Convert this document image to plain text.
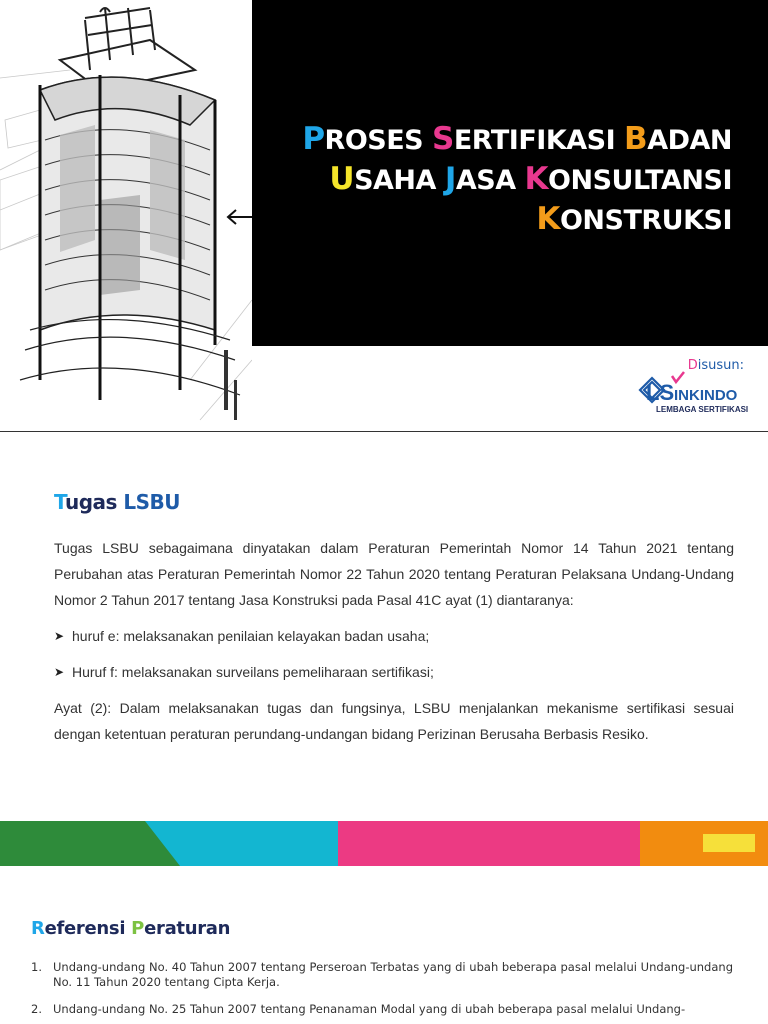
PROSES SERTIFIKASI BADAN
USAHA JASA KONSULTANSI
KONSTRUKSI
Disusun:
LS INKINDO
LEMBAGA SERTIFIKASI
Tugas LSBU

Tugas LSBU sebagaimana dinyatakan dalam Peraturan Pemerintah Nomor 14 Tahun 2021 tentang Perubahan atas Peraturan Pemerintah Nomor 22 Tahun 2020 tentang Peraturan Pelaksana Undang-Undang Nomor 2 Tahun 2017 tentang Jasa Konstruksi pada Pasal 41C ayat (1) diantaranya:

➤ huruf e: melaksanakan penilaian kelayakan badan usaha;
➤ Huruf f: melaksanakan surveilans pemeliharaan sertifikasi;

Ayat (2): Dalam melaksanakan tugas dan fungsinya, LSBU menjalankan mekanisme sertifikasi sesuai dengan ketentuan peraturan perundang-undangan bidang Perizinan Berusaha Berbasis Resiko.

Referensi Peraturan
1. Undang-undang No. 40 Tahun 2007 tentang Perseroan Terbatas yang di ubah beberapa pasal melalui Undang-undang No. 11 Tahun 2020 tentang Cipta Kerja.
2. Undang-undang No. 25 Tahun 2007 tentang Penanaman Modal yang di ubah beberapa pasal melalui Undang-
